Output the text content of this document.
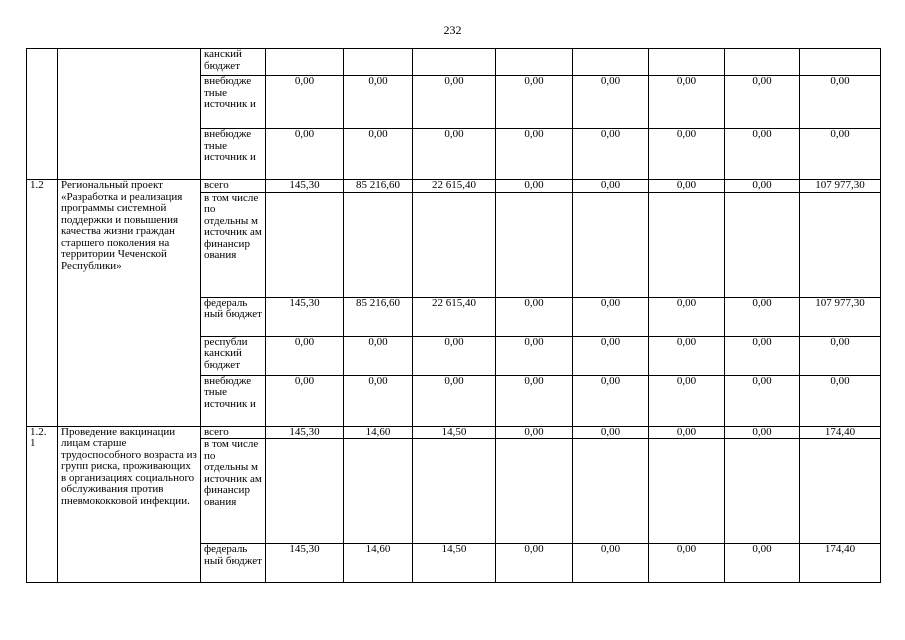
232
		канский бюджет								
		внебюдже тные источник и	0,00	0,00	0,00	0,00	0,00	0,00	0,00	0,00
		внебюдже тные источник и	0,00	0,00	0,00	0,00	0,00	0,00	0,00	0,00
1.2	Региональный проект «Разработка и реализация программы системной поддержки и повышения качества жизни граждан старшего поколения на территории Чеченской Республики»	всего	145,30	85 216,60	22 615,40	0,00	0,00	0,00	0,00	107 977,30
		в том числе по отдельны м источник ам финансир ования								
		федераль ный бюджет	145,30	85 216,60	22 615,40	0,00	0,00	0,00	0,00	107 977,30
		республи канский бюджет	0,00	0,00	0,00	0,00	0,00	0,00	0,00	0,00
		внебюдже тные источник и	0,00	0,00	0,00	0,00	0,00	0,00	0,00	0,00
1.2. 1	Проведение вакцинации лицам старше трудоспособного возраста из групп риска, проживающих в организациях социального обслуживания против пневмококковой инфекции.	всего	145,30	14,60	14,50	0,00	0,00	0,00	0,00	174,40
		в том числе по отдельны м источник ам финансир ования								
		федераль ный бюджет	145,30	14,60	14,50	0,00	0,00	0,00	0,00	174,40
